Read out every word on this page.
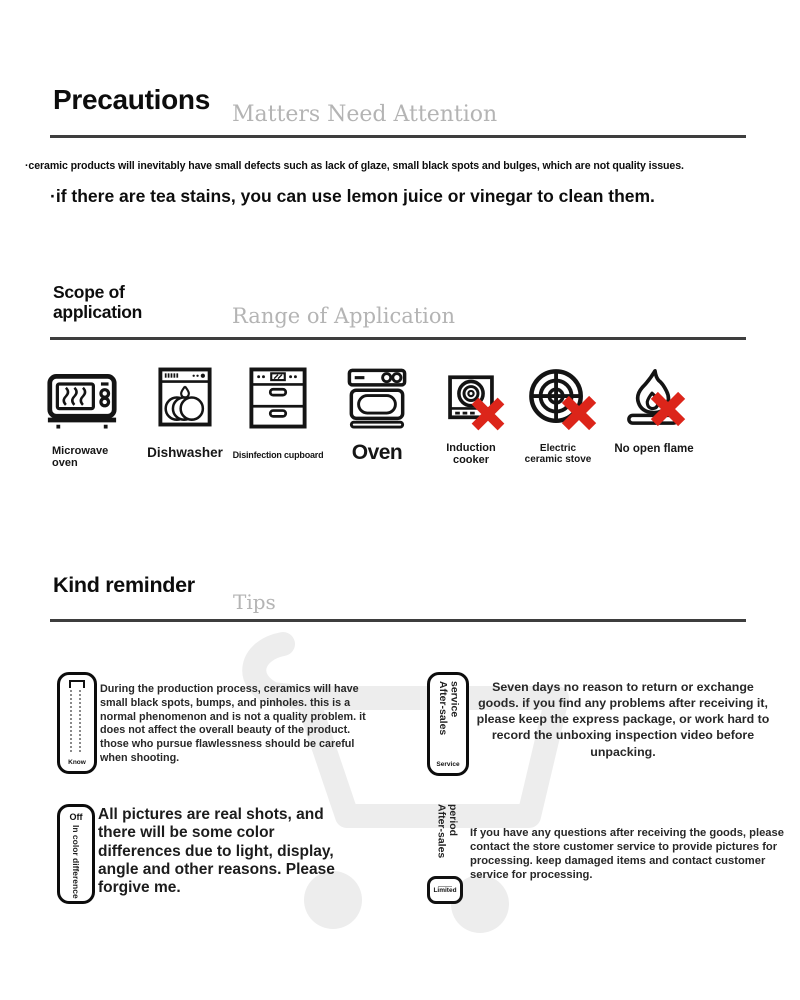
Precautions Matters Need Attention
·ceramic products will inevitably have small defects such as lack of glaze, small black spots and bulges, which are not quality issues.
·if there are tea stains, you can use lemon juice or vinegar to clean them.
Scope of
application	Range of Application
Microwave oven
Dishwasher	Disinfection cupboard	Oven	Induction cooker
Electric ceramic stove
No open flame
Kind reminder
Tips
Know
During the production process, ceramics will have small black spots, bumps, and pinholes. this is a normal phenomenon and is not a quality problem. it does not affect the overall beauty of the product. those who pursue flawlessness should be careful when shooting.
After-sales service
Service
Seven days no reason to return or exchange goods. if you find any problems after receiving it, please keep the express package, or work hard to record the unboxing inspection video before unpacking.
Off
In color difference
All pictures are real shots, and there will be some color differences due to light, display, angle and other reasons. Please forgive me.
After-sales period
Limited
If you have any questions after receiving the goods, please contact the store customer service to provide pictures for processing. keep damaged items and contact customer service for processing.
